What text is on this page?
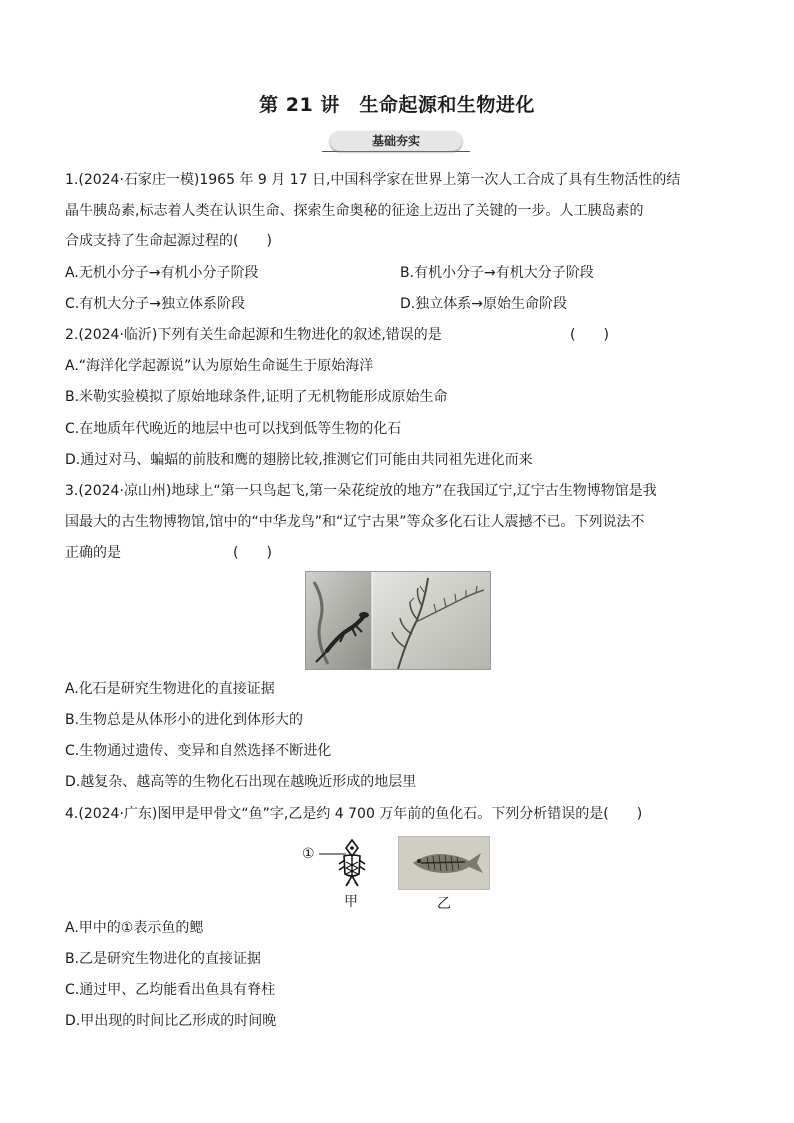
第 21 讲　生命起源和生物进化
基础夯实
1.(2024·石家庄一模)1965 年 9 月 17 日,中国科学家在世界上第一次人工合成了具有生物活性的结
晶牛胰岛素,标志着人类在认识生命、探索生命奥秘的征途上迈出了关键的一步。人工胰岛素的
合成支持了生命起源过程的(　　)
A.无机小分子→有机小分子阶段	B.有机小分子→有机大分子阶段
C.有机大分子→独立体系阶段	D.独立体系→原始生命阶段
2.(2024·临沂)下列有关生命起源和生物进化的叙述,错误的是	(　　)
A.“海洋化学起源说”认为原始生命诞生于原始海洋
B.米勒实验模拟了原始地球条件,证明了无机物能形成原始生命
C.在地质年代晚近的地层中也可以找到低等生物的化石
D.通过对马、蝙蝠的前肢和鹰的翅膀比较,推测它们可能由共同祖先进化而来
3.(2024·凉山州)地球上“第一只鸟起飞,第一朵花绽放的地方”在我国辽宁,辽宁古生物博物馆是我
国最大的古生物博物馆,馆中的“中华龙鸟”和“辽宁古果”等众多化石让人震撼不已。下列说法不
正确的是	(　　)
A.化石是研究生物进化的直接证据
B.生物总是从体形小的进化到体形大的
C.生物通过遗传、变异和自然选择不断进化
D.越复杂、越高等的生物化石出现在越晚近形成的地层里
4.(2024·广东)图甲是甲骨文“鱼”字,乙是约 4 700 万年前的鱼化石。下列分析错误的是(　　)
①
甲	乙
A.甲中的①表示鱼的鳃
B.乙是研究生物进化的直接证据
C.通过甲、乙均能看出鱼具有脊柱
D.甲出现的时间比乙形成的时间晚
